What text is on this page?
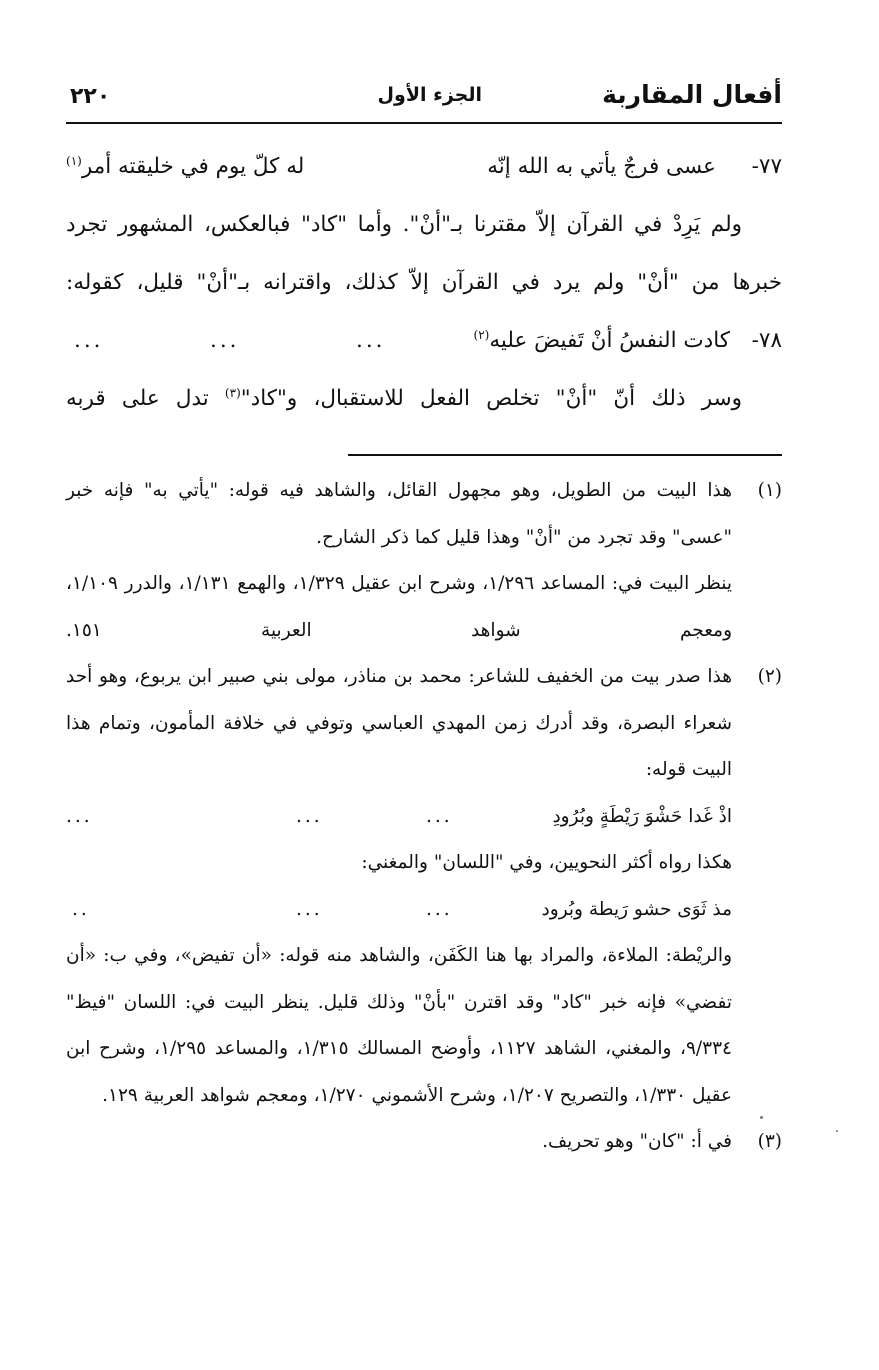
أفعال المقاربة
الجزء الأول
٢٢٠
٧٧-
عسى فرجٌ يأتي به الله إنّه
له كلّ يوم في خليقته أمر$^{(١)}$
ولم يَرِدْ في القرآن إلاّ مقترنا بـ"أنْ". وأما "كاد" فبالعكس، المشهور تجرد خبرها من "أنْ" ولم يرد في القرآن إلاّ كذلك، واقترانه بـ"أنْ" قليل، كقوله:
٧٨-
كادت النفسُ أنْ تَفيضَ عليه$^{(٢)}$
...
...
...
وسر ذلك أنّ "أنْ" تخلص الفعل للاستقبال، و"كاد"$^{(٣)}$ تدل على قربه
(١)

هذا البيت من الطويل، وهو مجهول القائل، والشاهد فيه قوله: "يأتي به" فإنه خبر "عسى" وقد تجرد من "أنْ" وهذا قليل كما ذكر الشارح.

ينظر البيت في: المساعد ١/٢٩٦، وشرح ابن عقيل ١/٣٢٩، والهمع ١/١٣١، والدرر ١/١٠٩، ومعجم شواهد العربية ١٥١.

(٢)

هذا صدر بيت من الخفيف للشاعر: محمد بن مناذر، مولى بني صبير ابن يربوع، وهو أحد شعراء البصرة، وقد أدرك زمن المهدي العباسي وتوفي في خلافة المأمون، وتمام هذا البيت قوله:

اذْ غَدا حَشْوَ رَيْطَةٍ وبُرُودِ
...
...
...

هكذا رواه أكثر النحويين، وفي "اللسان" والمغني:

مذ ثَوَى حشو رَيطة وبُرود
...
...
..

والريْطة: الملاءة، والمراد بها هنا الكَفَن، والشاهد منه قوله: «أن تفيض»، وفي ب: «أن تفضي» فإنه خبر "كاد" وقد اقترن "بأنْ" وذلك قليل. ينظر البيت في: اللسان "فيظ" ٩/٣٣٤، والمغني، الشاهد ١١٢٧، وأوضح المسالك ١/٣١٥، والمساعد ١/٢٩٥، وشرح ابن عقيل ١/٣٣٠، والتصريح ١/٢٠٧، وشرح الأشموني ١/٢٧٠، ومعجم شواهد العربية ١٢٩.

(٣)

في أ: "كان" وهو تحريف.
